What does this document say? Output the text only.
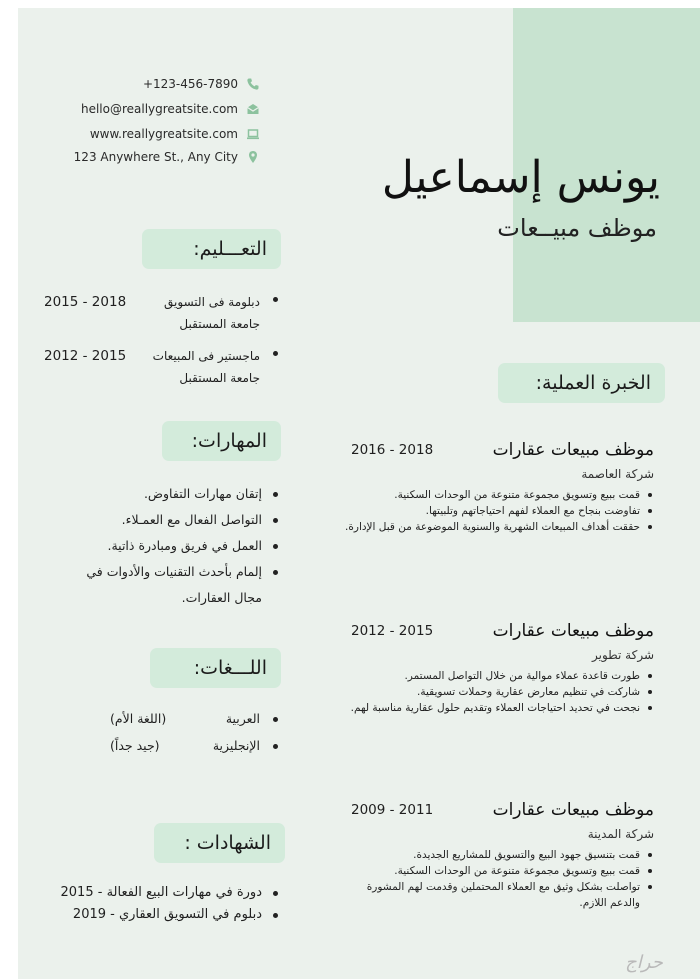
+123-456-7890
hello@reallygreatsite.com
www.reallygreatsite.com
123 Anywhere St., Any City	يونس إسماعيل
موظف مبيــعات
التعـــليم:
دبلومة فى التسويق
جامعة المستقبل
2015 - 2018
ماجستير فى المبيعات
جامعة المستقبل
2012 - 2015
المهارات:
إتقان مهارات التفاوض.
التواصل الفعال مع العمـلاء.
العمل في فريق ومبادرة ذاتية.
إلمام بأحدث التقنيات والأدوات في مجال العقارات.
اللـــغات:
العربية
(اللغة الأم)
الإنجليزية
(جيد جداً)
الشهادات :
دورة في مهارات البيع الفعالة - 2015
دبلوم في التسويق العقاري - 2019
الخبرة العملية:
موظف مبيعات عقارات
2016 - 2018
شركة العاصمة
قمت ببيع وتسويق مجموعة متنوعة من الوحدات السكنية.
تفاوضت بنجاح مع العملاء لفهم احتياجاتهم وتلبيتها.
حققت أهداف المبيعات الشهرية والسنوية الموضوعة من قبل الإدارة.
موظف مبيعات عقارات
2012 - 2015
شركة تطوير
طورت قاعدة عملاء موالية من خلال التواصل المستمر.
شاركت في تنظيم معارض عقارية وحملات تسويقية.
نجحت في تحديد احتياجات العملاء وتقديم حلول عقارية مناسبة لهم.
موظف مبيعات عقارات
2009 - 2011
شركة المدينة
قمت بتنسيق جهود البيع والتسويق للمشاريع الجديدة.
قمت ببيع وتسويق مجموعة متنوعة من الوحدات السكنية.
تواصلت بشكل وثيق مع العملاء المحتملين وقدمت لهم المشورة والدعم اللازم.
حراج
